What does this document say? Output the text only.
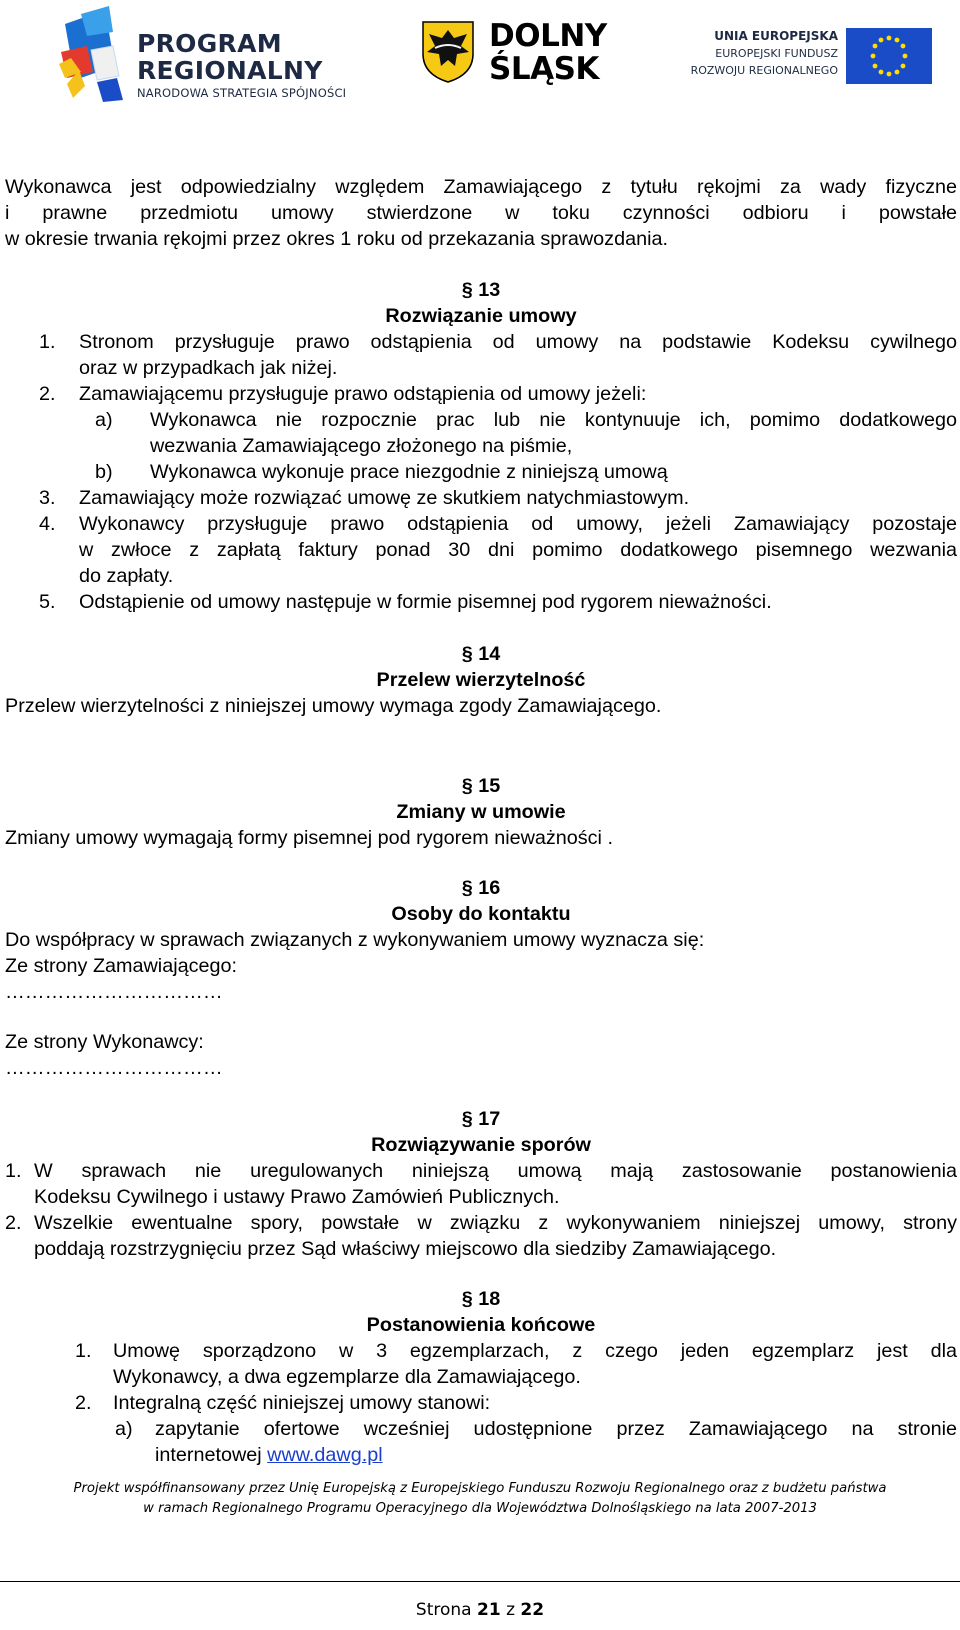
PROGRAM
REGIONALNY
NARODOWA STRATEGIA SPÓJNOŚCI
DOLNY
ŚLĄSK
UNIA EUROPEJSKA
EUROPEJSKI FUNDUSZ
ROZWOJU REGIONALNEGO

Wykonawca jest odpowiedzialny względem Zamawiającego z tytułu rękojmi za wady fizyczne

i prawne przedmiotu umowy stwierdzone w toku czynności odbioru i powstałe

w okresie trwania rękojmi przez okres 1 roku od przekazania sprawozdania.

§ 13

Rozwiązanie umowy

1. Stronom przysługuje prawo odstąpienia od umowy na podstawie Kodeksu cywilnego

oraz w przypadkach jak niżej.

2. Zamawiającemu przysługuje prawo odstąpienia od umowy jeżeli:

a) Wykonawca nie rozpocznie prac lub nie kontynuuje ich, pomimo dodatkowego

wezwania Zamawiającego złożonego na piśmie,

b) Wykonawca wykonuje prace niezgodnie z niniejszą umową

3. Zamawiający może rozwiązać umowę ze skutkiem natychmiastowym.

4. Wykonawcy przysługuje prawo odstąpienia od umowy, jeżeli Zamawiający pozostaje

w zwłoce z zapłatą faktury ponad 30 dni pomimo dodatkowego pisemnego wezwania

do zapłaty.

5. Odstąpienie od umowy następuje w formie pisemnej pod rygorem nieważności.

§ 14

Przelew wierzytelność

Przelew wierzytelności z niniejszej umowy wymaga zgody Zamawiającego.

§ 15

Zmiany w umowie

Zmiany umowy wymagają formy pisemnej pod rygorem nieważności .

§ 16

Osoby do kontaktu

Do współpracy w sprawach związanych z wykonywaniem umowy wyznacza się:

Ze strony Zamawiającego:

……………………………

Ze strony Wykonawcy:

……………………………

§ 17

Rozwiązywanie sporów

1. W sprawach nie uregulowanych niniejszą umową mają zastosowanie postanowienia

Kodeksu Cywilnego i ustawy Prawo Zamówień Publicznych.

2. Wszelkie ewentualne spory, powstałe w związku z wykonywaniem niniejszej umowy, strony

poddają rozstrzygnięciu przez Sąd właściwy miejscowo dla siedziby Zamawiającego.

§ 18

Postanowienia końcowe

1. Umowę sporządzono w 3 egzemplarzach, z czego jeden egzemplarz jest dla

Wykonawcy, a dwa egzemplarze dla Zamawiającego.

2. Integralną część niniejszej umowy stanowi:

a) zapytanie ofertowe wcześniej udostępnione przez Zamawiającego na stronie

internetowej www.dawg.pl

Projekt współfinansowany przez Unię Europejską z Europejskiego Funduszu Rozwoju Regionalnego oraz z budżetu państwa
w ramach Regionalnego Programu Operacyjnego dla Województwa Dolnośląskiego na lata 2007-2013
Strona 21 z 22
